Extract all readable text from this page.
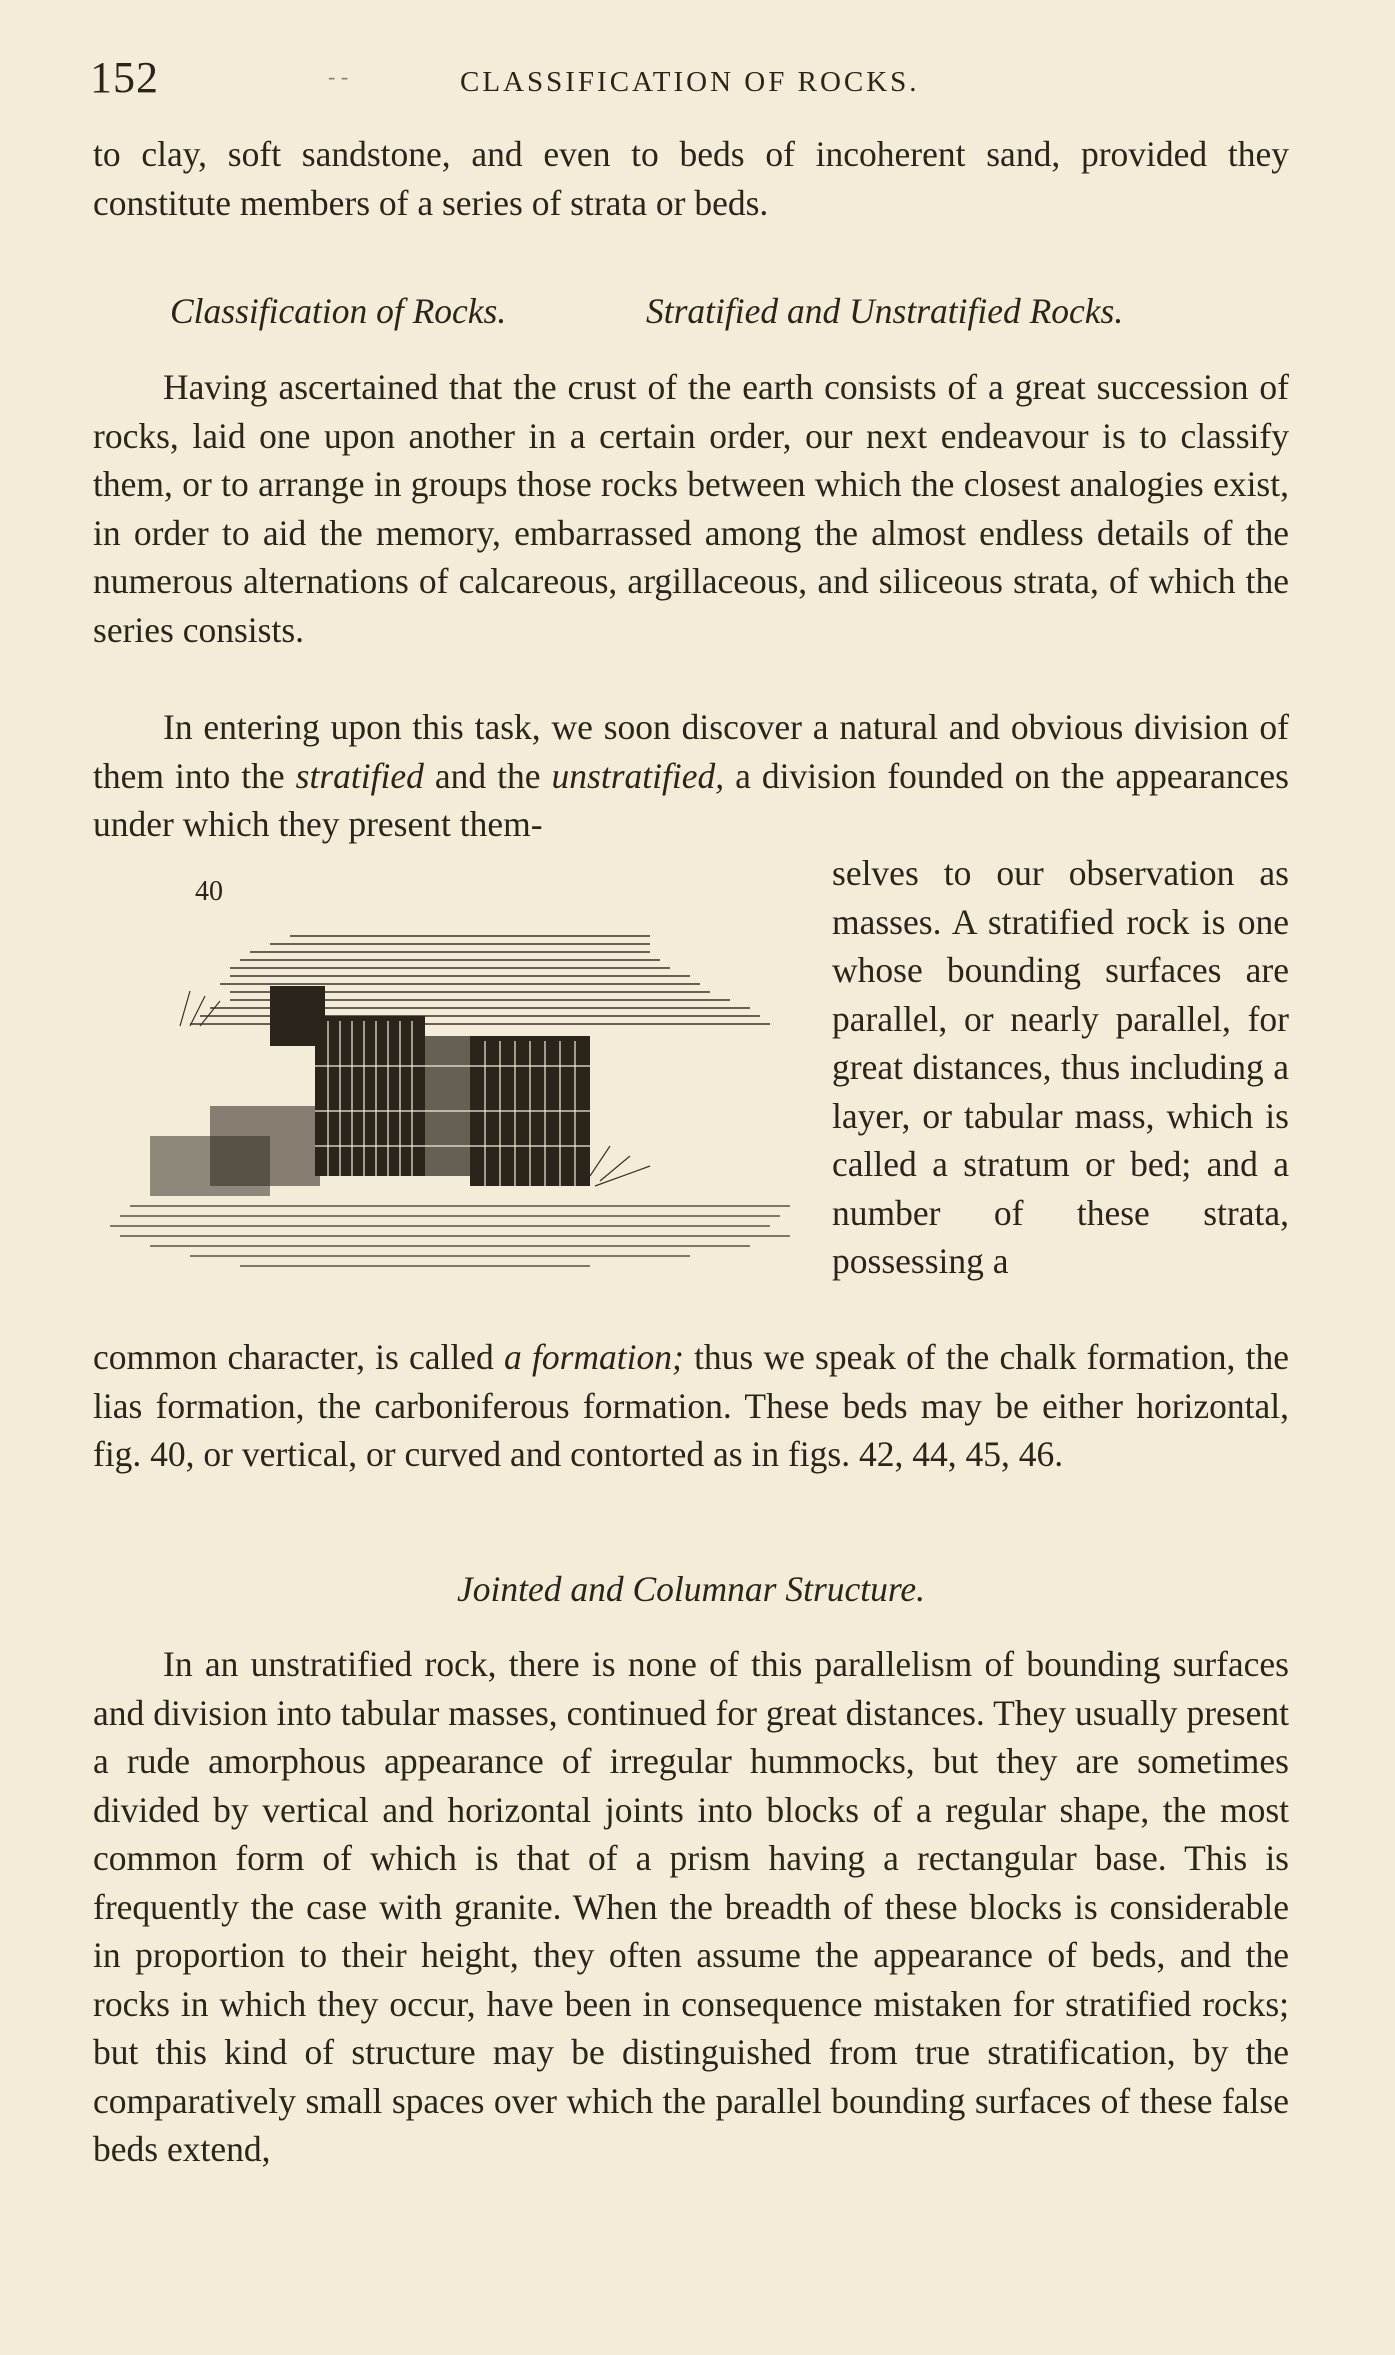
152	- -	CLASSIFICATION OF ROCKS.

to clay, soft sandstone, and even to beds of incoherent sand, provided they constitute members of a series of strata or beds.

Classification of Rocks.	Stratified and Unstratified Rocks.

Having ascertained that the crust of the earth consists of a great succession of rocks, laid one upon another in a certain order, our next endeavour is to classify them, or to arrange in groups those rocks between which the closest analogies exist, in order to aid the memory, embarrassed among the almost endless details of the numerous alternations of calcareous, argillaceous, and siliceous strata, of which the series consists.

In entering upon this task, we soon discover a natural and obvious division of them into the stratified and the unstratified, a division founded on the appearances under which they present them-

40	selves to our observation as masses. A stratified rock is one whose bounding surfaces are parallel, or nearly parallel, for great distances, thus including a layer, or tabular mass, which is called a stratum or bed; and a number of these strata, possessing a

common character, is called a formation; thus we speak of the chalk formation, the lias formation, the carboniferous formation. These beds may be either horizontal, fig. 40, or vertical, or curved and contorted as in figs. 42, 44, 45, 46.

Jointed and Columnar Structure.

In an unstratified rock, there is none of this parallelism of bounding surfaces and division into tabular masses, continued for great distances. They usually present a rude amorphous appearance of irregular hummocks, but they are sometimes divided by vertical and horizontal joints into blocks of a regular shape, the most common form of which is that of a prism having a rectangular base. This is frequently the case with granite. When the breadth of these blocks is considerable in proportion to their height, they often assume the appearance of beds, and the rocks in which they occur, have been in consequence mistaken for stratified rocks; but this kind of structure may be distinguished from true stratification, by the comparatively small spaces over which the parallel bounding surfaces of these false beds extend,
